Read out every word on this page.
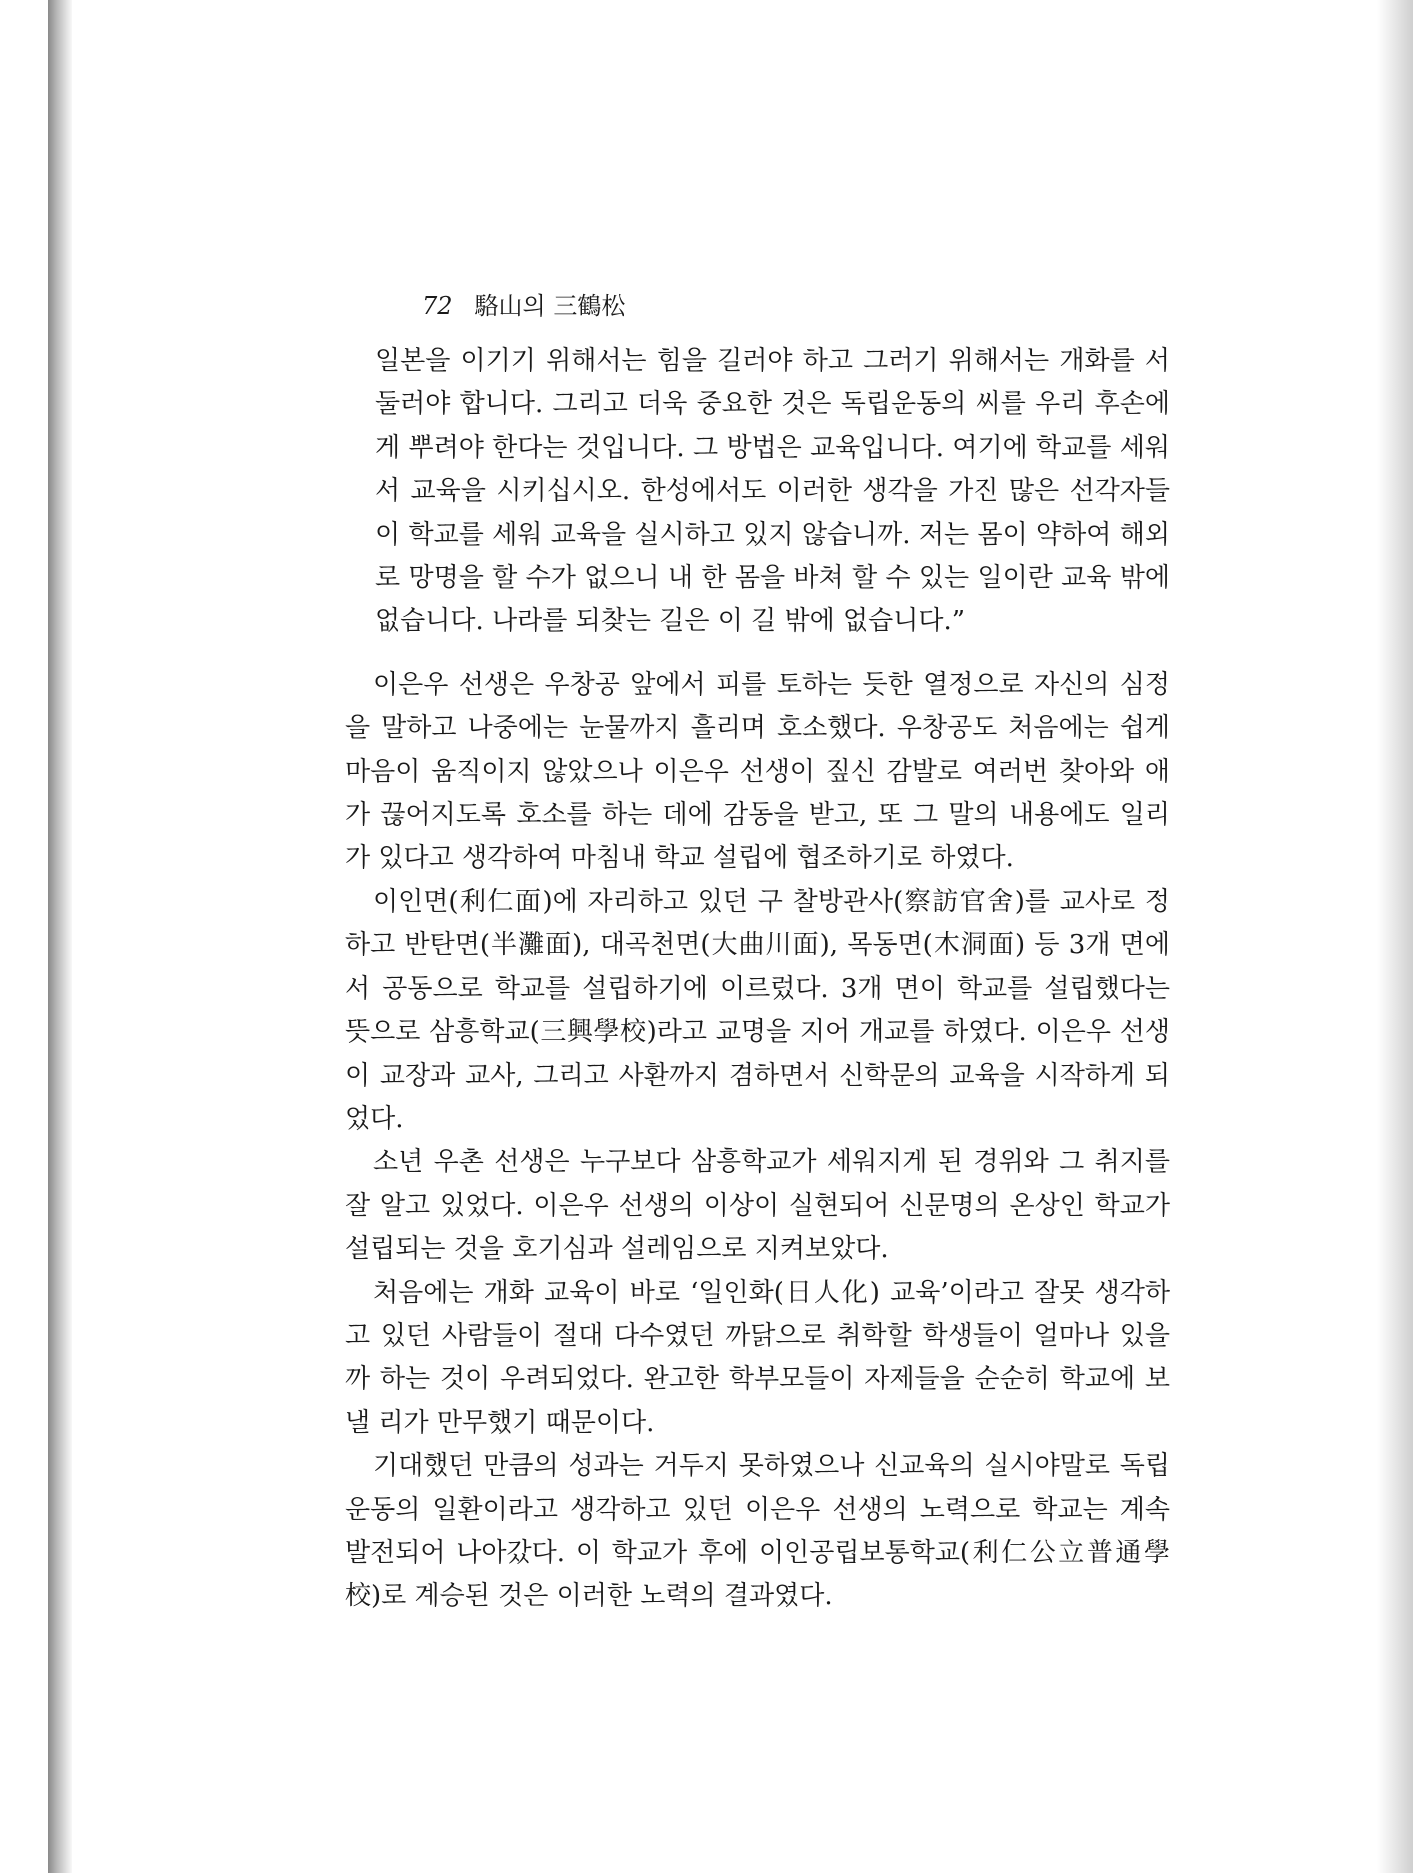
72 駱山의 三鶴松

일본을 이기기 위해서는 힘을 길러야 하고 그러기 위해서는 개화를 서둘러야 합니다. 그리고 더욱 중요한 것은 독립운동의 씨를 우리 후손에게 뿌려야 한다는 것입니다. 그 방법은 교육입니다. 여기에 학교를 세워서 교육을 시키십시오. 한성에서도 이러한 생각을 가진 많은 선각자들이 학교를 세워 교육을 실시하고 있지 않습니까. 저는 몸이 약하여 해외로 망명을 할 수가 없으니 내 한 몸을 바쳐 할 수 있는 일이란 교육 밖에 없습니다. 나라를 되찾는 길은 이 길 밖에 없습니다.”

이은우 선생은 우창공 앞에서 피를 토하는 듯한 열정으로 자신의 심정을 말하고 나중에는 눈물까지 흘리며 호소했다. 우창공도 처음에는 쉽게 마음이 움직이지 않았으나 이은우 선생이 짚신 감발로 여러번 찾아와 애가 끊어지도록 호소를 하는 데에 감동을 받고, 또 그 말의 내용에도 일리가 있다고 생각하여 마침내 학교 설립에 협조하기로 하였다.

이인면(利仁面)에 자리하고 있던 구 찰방관사(察訪官舍)를 교사로 정하고 반탄면(半灘面), 대곡천면(大曲川面), 목동면(木洞面) 등 3개 면에서 공동으로 학교를 설립하기에 이르렀다. 3개 면이 학교를 설립했다는 뜻으로 삼흥학교(三興學校)라고 교명을 지어 개교를 하였다. 이은우 선생이 교장과 교사, 그리고 사환까지 겸하면서 신학문의 교육을 시작하게 되었다.

소년 우촌 선생은 누구보다 삼흥학교가 세워지게 된 경위와 그 취지를 잘 알고 있었다. 이은우 선생의 이상이 실현되어 신문명의 온상인 학교가 설립되는 것을 호기심과 설레임으로 지켜보았다.

처음에는 개화 교육이 바로 ‘일인화(日人化) 교육’이라고 잘못 생각하고 있던 사람들이 절대 다수였던 까닭으로 취학할 학생들이 얼마나 있을까 하는 것이 우려되었다. 완고한 학부모들이 자제들을 순순히 학교에 보낼 리가 만무했기 때문이다.

기대했던 만큼의 성과는 거두지 못하였으나 신교육의 실시야말로 독립운동의 일환이라고 생각하고 있던 이은우 선생의 노력으로 학교는 계속 발전되어 나아갔다. 이 학교가 후에 이인공립보통학교(利仁公立普通學校)로 계승된 것은 이러한 노력의 결과였다.
